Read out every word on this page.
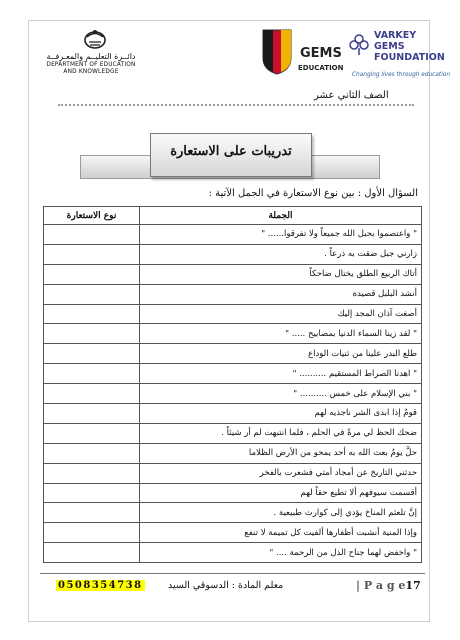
دائــرة التعليــم والمعـرفــة
DEPARTMENT OF EDUCATION
AND KNOWLEDGE
GEMS
EDUCATION
VARKEY
GEMS
FOUNDATION
Changing lives through education
الصف الثاني عشر
تدريبات على الاستعارة
السؤال الأول : بين نوع الاستعارة في الجمل الآتية :
الجملة	نوع الاستعارة
" واعتصموا بحبل الله جميعاً ولا تفرقوا...... "	
زارني جبل ضقت به ذرعاً .	
أتاك الربيع الطلق يختال ضاحكاً	
أنشد البلبل قصيدة	
أصغت آذان المجد إليك	
" لقد زينا السماء الدنيا بمصابيح ..... "	
طلع البدر علينا من ثنيات الوداع	
" اهدنا الصراط المستقيم .......... "	
" بني الإسلام على خمس .......... "	
قومٌ إذا ابدى الشر ناجذيه لهم	
ضحك الحظ لي مرةً في الحلم ، فلما انتبهت لم أر شيئاً .	
حلَّ يومٌ بعث الله به أحد يمحو من الأرض الظلاما	
حدثني التاريخ عن أمجاد أمتي فشعرت بالفخر	
أقسمت سيوفهم ألا تطيع حقاً لهم	
إنَّ تلعثم المناخ يؤدي إلى كوارث طبيعية .	
وإذا المنية أنشبت أظفارها ألفيت كل تميمة لا تنفع	
" واخفض لهما جناح الذل من الرحمة .... "	
0508354738	معلم المادة : الدسوقي السيد	| P a g e17
